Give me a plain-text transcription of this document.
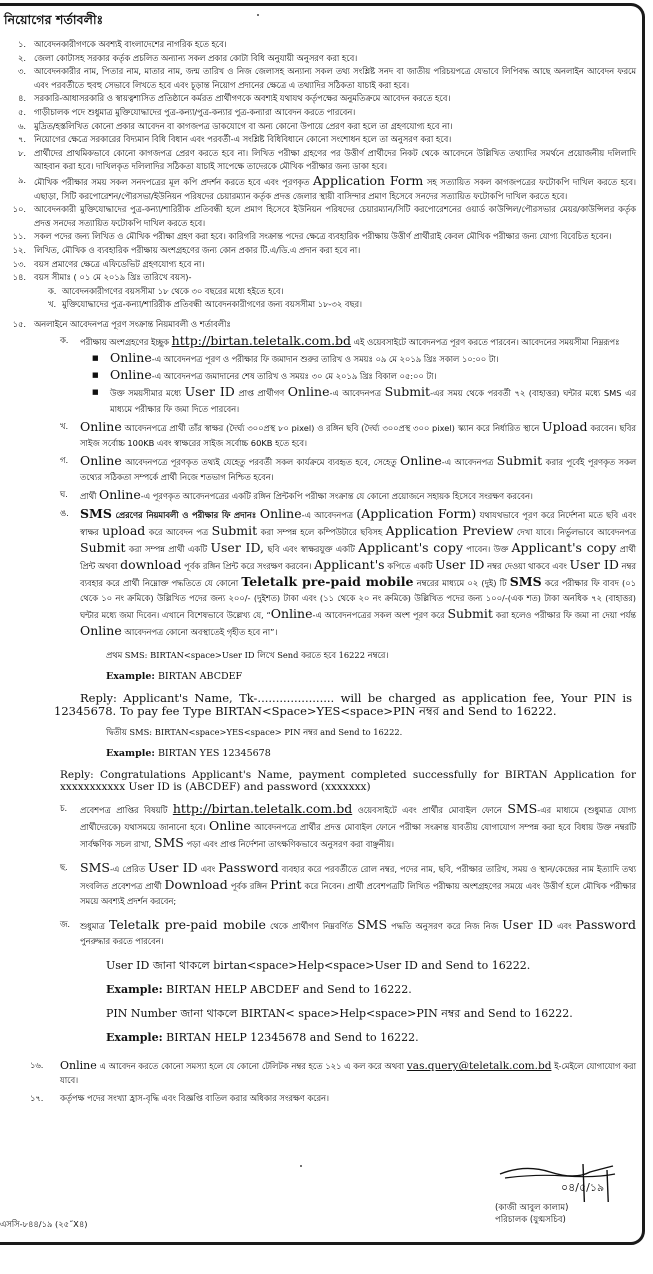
নিয়োগের শর্তাবলীঃ
১. আবেদনকারীগণকে অবশ্যই বাংলাদেশের নাগরিক হতে হবে।
২. জেলা কোটাসহ সরকার কর্তৃক প্রচলিত অন্যান্য সকল প্রকার কোটা বিধি অনুযায়ী অনুসরণ করা হবে।
৩. আবেদনকারীর নাম, পিতার নাম, মাতার নাম, জন্ম তারিখ ও নিজ জেলাসহ অন্যান্য সকল তথ্য সংশ্লিষ্ট সনদ বা জাতীয় পরিচয়পত্রে যেভাবে লিপিবদ্ধ আছে অনলাইন আবেদন ফরমে এবং পরবর্তীতে হুবহু সেভাবে লিখতে হবে এবং চূড়ান্ত নিয়োগ প্রদানের ক্ষেত্রে এ তথ্যাদির সঠিকতা যাচাই করা হবে।
৪. সরকারি-আধাসরকারি ও স্বায়ত্বশাসিত প্রতিষ্ঠানে কর্মরত প্রার্থীগণকে অবশ্যই যথাযথ কর্তৃপক্ষের অনুমতিক্রমে আবেদন করতে হবে।
৫. গাড়ীচালক পদে শুধুমাত্র মুক্তিযোদ্ধাদের পুত্র-কন্যা/পুত্র-কন্যার পুত্র-কন্যারা আবেদন করতে পারবেন।
৬. মুদ্রিত/হস্তলিখিত কোনো প্রকার আবেদন বা কাগজপত্র ডাকযোগে বা অন্য কোনো উপায়ে প্রেরণ করা হলে তা গ্রহণযোগ্য হবে না।
৭. নিয়োগের ক্ষেত্রে সরকারের বিদ্যমান বিধি বিধান এবং পরবর্তী-এ সংশ্লিষ্ট বিধিবিধানে কোনো সংশোধন হলে তা অনুসরণ করা হবে।
৮. প্রার্থীদের প্রাথমিকভাবে কোনো কাগজপত্র প্রেরণ করতে হবে না। লিখিত পরীক্ষা গ্রহণের পর উত্তীর্ণ প্রার্থীদের নিকট থেকে আবেদনে উল্লিখিত তথ্যাদির সমর্থনে প্রয়োজনীয় দলিলাদি আহবান করা হবে। দাখিলকৃত দলিলাদির সঠিকতা যাচাই সাপেক্ষে তাদেরকে মৌখিক পরীক্ষার জন্য ডাকা হবে।
৯. মৌখিক পরীক্ষার সময় সকল সনদপত্রের মূল কপি প্রদর্শন করতে হবে এবং পূরণকৃত Application Form সহ সত্যায়িত সকল কাগজপত্রের ফটোকপি দাখিল করতে হবে। এছাড়া, সিটি করপোরেশন/পৌরসভা/ইউনিয়ন পরিষদের চেয়ারম্যান কর্তৃক প্রদত্ত জেলার স্থায়ী বাসিন্দার প্রমাণ হিসেবে সনদের সত্যায়িত ফটোকপি দাখিল করতে হবে।
১০. আবেদনকারী মুক্তিযোদ্ধাদের পুত্র-কন্যা/শারিরীক প্রতিবন্ধী হলে প্রমাণ হিসেবে ইউনিয়ন পরিষদের চেয়ারম্যান/সিটি করপোরেশনের ওয়ার্ড কাউন্সিল/পৌরসভার মেয়র/কাউন্সিলর কর্তৃক প্রদত্ত সনদের সত্যায়িত ফটোকপি দাখিল করতে হবে।
১১. সকল পদের জন্য লিখিত ও মৌখিক পরীক্ষা গ্রহণ করা হবে। কারিগরি সংক্রান্ত পদের ক্ষেত্রে ব্যবহারিক পরীক্ষায় উত্তীর্ণ প্রার্থীরাই কেবল মৌখিক পরীক্ষার জন্য যোগ্য বিবেচিত হবেন।
১২. লিখিত, মৌখিক ও ব্যবহারিক পরীক্ষায় অংশগ্রহণের জন্য কোন প্রকার টি.এ/ডি.এ প্রদান করা হবে না।
১৩. বয়স প্রমাণের ক্ষেত্রে এফিডেভিট গ্রহণযোগ্য হবে না।
১৪. বয়স সীমাঃ ( ০১ মে ২০১৯ খ্রিঃ তারিখে বয়স)-
ক. আবেদনকারীগণের বয়সসীমা ১৮ থেকে ৩০ বছরের মধ্যে হইতে হবে।
খ. মুক্তিযোদ্ধাদের পুত্র-কন্যা/শারিরীক প্রতিবন্ধী আবেদনকারীগণের জন্য বয়সসীমা ১৮-৩২ বছর।
১৫. অনলাইনে আবেদনপত্র পূরণ সংক্রান্ত নিয়মাবলী ও শর্তাবলীঃ
ক.	পরীক্ষায় অংশগ্রহণের ইচ্ছুক http://birtan.teletalk.com.bd এই ওয়েবসাইটে আবেদনপত্র পূরণ করতে পারবেন। আবেদনের সময়সীমা নিম্নরূপঃ
■ Online-এ আবেদনপত্র পূরণ ও পরীক্ষার ফি জমাদান শুরুর তারিখ ও সময়ঃ ০৯ মে ২০১৯ খ্রিঃ সকাল ১০:০০ টা।
■ Online-এ আবেদনপত্র জমাদানের শেষ তারিখ ও সময়ঃ ৩০ মে ২০১৯ খ্রিঃ বিকাল ০৫:০০ টা।
■	উক্ত সময়সীমার মধ্যে User ID প্রাপ্ত প্রার্থীগণ Online-এ আবেদনপত্র Submit-এর সময় থেকে পরবর্তী ৭২ (বাহাত্তর) ঘন্টার মধ্যে SMS এর মাধ্যমে পরীক্ষার ফি জমা দিতে পারবেন।
খ. Online আবেদনপত্রে প্রার্থী তাঁর স্বাক্ষর (দৈর্ঘ্য ৩০০প্রস্থ ৮০ pixel) ও রঙ্গিন ছবি (দৈর্ঘ্য ৩০০প্রস্থ ৩০০ pixel) স্ক্যান করে নির্ধারিত স্থানে Upload করবেন। ছবির সাইজ সর্বোচ্চ 100KB এবং স্বাক্ষরের সাইজ সর্বোচ্চ 60KB হতে হবে।
গ. Online আবেদনপত্রে পূরণকৃত তথ্যই যেহেতু পরবর্তী সকল কার্যক্রমে ব্যবহৃত হবে, সেহেতু Online-এ আবেদনপত্র Submit করার পূর্বেই পূরণকৃত সকল তথ্যের সঠিকতা সম্পর্কে প্রার্থী নিজে শতভাগ নিশ্চিত হবেন।
ঘ.	প্রার্থী Online-এ পূরণকৃত আবেদনপত্রের একটি রঙ্গিন প্রিন্টকপি পরীক্ষা সংক্রান্ত যে কোনো প্রয়োজনে সহায়ক হিসেবে সংরক্ষণ করবেন।
ঙ. SMS প্রেরণের নিয়মাবলী ও পরীক্ষার ফি প্রদানঃ Online-এ আবেদনপত্র (Application Form) যথাযথভাবে পূরণ করে নির্দেশনা মতে ছবি এবং স্বাক্ষর upload করে আবেদন পত্র Submit করা সম্পন্ন হলে কম্পিউটারে ছবিসহ Application Preview দেখা যাবে। নির্ভুলভাবে আবেদনপত্র Submit করা সম্পন্ন প্রার্থী একটি User ID, ছবি এবং স্বাক্ষরযুক্ত একটি Applicant's copy পাবেন। উক্ত Applicant's copy প্রার্থী প্রিন্ট অথবা download পূর্বক রঙ্গিন প্রিন্ট করে সংরক্ষণ করবেন। Applicant's কপিতে একটি User ID নম্বর দেওয়া থাকবে এবং User ID নম্বর ব্যবহার করে প্রার্থী নিম্নোক্ত পদ্ধতিতে যে কোনো Teletalk pre-paid mobile নম্বরের মাধ্যমে ০২ (দুই) টি SMS করে পরীক্ষার ফি বাবদ (০১ থেকে ১০ নং ক্রমিকে) উল্লিখিত পদের জন্য ২০০/- (দুইশত) টাকা এবং (১১ থেকে ২০ নং ক্রমিকে) উল্লিখিত পদের জন্য ১০০/-(এক শত) টাকা অনধিক ৭২ (বাহাত্তর) ঘন্টার মধ্যে জমা দিবেন। এখানে বিশেষভাবে উল্লেখ্য যে, “Online-এ আবেদনপত্রের সকল অংশ পূরণ করে Submit করা হলেও পরীক্ষার ফি জমা না দেয়া পর্যন্ত Online আবেদনপত্র কোনো অবস্থাতেই গৃহীত হবে না”।
প্রথম SMS: BIRTAN<space>User ID লিখে Send করতে হবে 16222 নম্বরে।
Example: BIRTAN ABCDEF
Reply: Applicant's Name, Tk-..................... will be charged as application fee, Your PIN is 12345678. To pay fee Type BIRTAN<Space>YES<space>PIN নম্বর and Send to 16222.
দ্বিতীয় SMS: BIRTAN<space>YES<space> PIN নম্বর and Send to 16222.
Example: BIRTAN YES 12345678
Reply: Congratulations Applicant's Name, payment completed successfully for BIRTAN Application for xxxxxxxxxxx User ID is (ABCDEF) and password (xxxxxxx)
চ.	প্রবেশপত্র প্রাপ্তির বিষয়টি http://birtan.teletalk.com.bd ওয়েবসাইটে এবং প্রার্থীর মোবাইল ফোনে SMS-এর মাধ্যমে (শুধুমাত্র যোগ্য প্রার্থীদেরকে) যথাসময়ে জানানো হবে। Online আবেদনপত্রে প্রার্থীর প্রদত্ত মোবাইল ফোনে পরীক্ষা সংক্রান্ত যাবতীয় যোগাযোগ সম্পন্ন করা হবে বিধায় উক্ত নম্বরটি সার্বক্ষণিক সচল রাখা, SMS পড়া এবং প্রাপ্ত নির্দেশনা তাৎক্ষণিকভাবে অনুসরণ করা বাঞ্ছনীয়।
ছ. SMS-এ প্রেরিত User ID এবং Password ব্যবহার করে পরবর্তীতে রোল নম্বর, পদের নাম, ছবি, পরীক্ষার তারিখ, সময় ও স্থান/কেন্দ্রের নাম ইত্যাদি তথ্য সংবলিত প্রবেশপত্র প্রার্থী Download পূর্বক রঙ্গিন Print করে নিবেন। প্রার্থী প্রবেশপত্রটি লিখিত পরীক্ষায় অংশগ্রহণের সময়ে এবং উত্তীর্ণ হলে মৌখিক পরীক্ষার সময়ে অবশ্যই প্রদর্শন করবেন;
জ.	শুধুমাত্র Teletalk pre-paid mobile থেকে প্রার্থীগণ নিম্নবর্ণিত SMS পদ্ধতি অনুসরণ করে নিজ নিজ User ID এবং Password পুনরুদ্ধার করতে পারবেন।
User ID জানা থাকলে birtan<space>Help<space>User ID and Send to 16222.
Example: BIRTAN HELP ABCDEF and Send to 16222.
PIN Number জানা থাকলে BIRTAN< space>Help<space>PIN নম্বর and Send to 16222.
Example: BIRTAN HELP 12345678 and Send to 16222.
১৬.	Online এ আবেদন করতে কোনো সমস্যা হলে যে কোনো টেলিটক নম্বর হতে ১২১ এ কল করে অথবা vas.query@teletalk.com.bd ই-মেইলে যোগাযোগ করা যাবে।
১৭.	কর্তৃপক্ষ পদের সংখ্যা হ্রাস-বৃদ্ধি এবং বিজ্ঞপ্তি বাতিল করার অধিকার সংরক্ষণ করেন।
০৪/৫/১৯
(কাজী আবুল কালাম)
পরিচালক (যুগ্মসচিব)
এসসি-৮৪৪/১৯ (২৫˝X৪)
